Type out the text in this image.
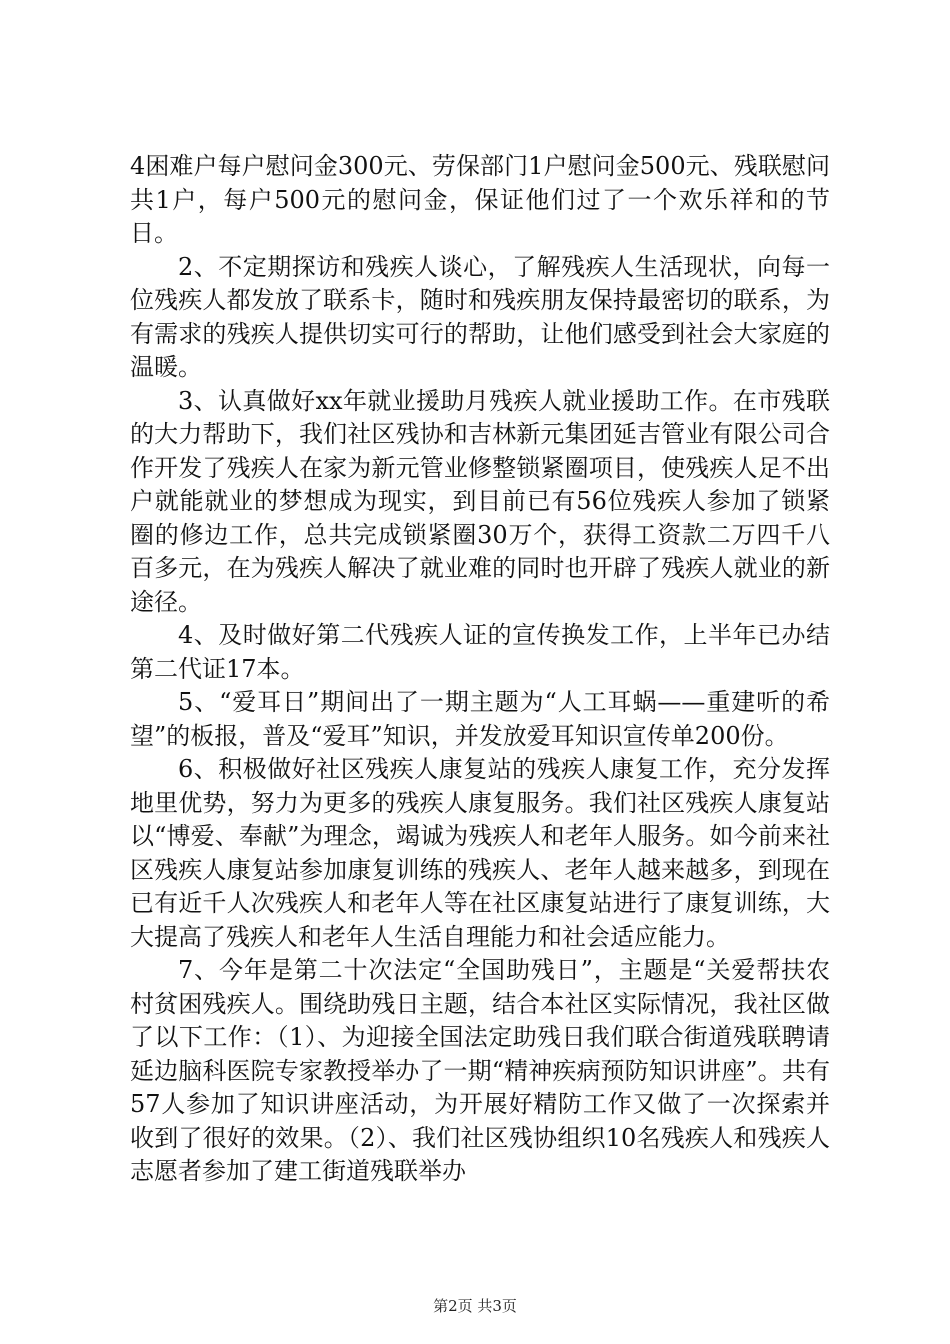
4困难户每户慰问金300元、劳保部门1户慰问金500元、残联慰问共1户，每户500元的慰问金，保证他们过了一个欢乐祥和的节日。

2、不定期探访和残疾人谈心，了解残疾人生活现状，向每一位残疾人都发放了联系卡，随时和残疾朋友保持最密切的联系，为有需求的残疾人提供切实可行的帮助，让他们感受到社会大家庭的温暖。

3、认真做好xx年就业援助月残疾人就业援助工作。在市残联的大力帮助下，我们社区残协和吉林新元集团延吉管业有限公司合作开发了残疾人在家为新元管业修整锁紧圈项目，使残疾人足不出户就能就业的梦想成为现实，到目前已有56位残疾人参加了锁紧圈的修边工作，总共完成锁紧圈30万个，获得工资款二万四千八百多元，在为残疾人解决了就业难的同时也开辟了残疾人就业的新途径。

4、及时做好第二代残疾人证的宣传换发工作，上半年已办结第二代证17本。

5、“爱耳日”期间出了一期主题为“人工耳蜗——重建听的希望”的板报，普及“爱耳”知识，并发放爱耳知识宣传单200份。

6、积极做好社区残疾人康复站的残疾人康复工作，充分发挥地里优势，努力为更多的残疾人康复服务。我们社区残疾人康复站以“博爱、奉献”为理念，竭诚为残疾人和老年人服务。如今前来社区残疾人康复站参加康复训练的残疾人、老年人越来越多，到现在已有近千人次残疾人和老年人等在社区康复站进行了康复训练，大大提高了残疾人和老年人生活自理能力和社会适应能力。

7、今年是第二十次法定“全国助残日”，主题是“关爱帮扶农村贫困残疾人。围绕助残日主题，结合本社区实际情况，我社区做了以下工作：（1）、为迎接全国法定助残日我们联合街道残联聘请延边脑科医院专家教授举办了一期“精神疾病预防知识讲座”。共有57人参加了知识讲座活动，为开展好精防工作又做了一次探索并收到了很好的效果。（2）、我们社区残协组织10名残疾人和残疾人志愿者参加了建工街道残联举办

第2页 共3页
